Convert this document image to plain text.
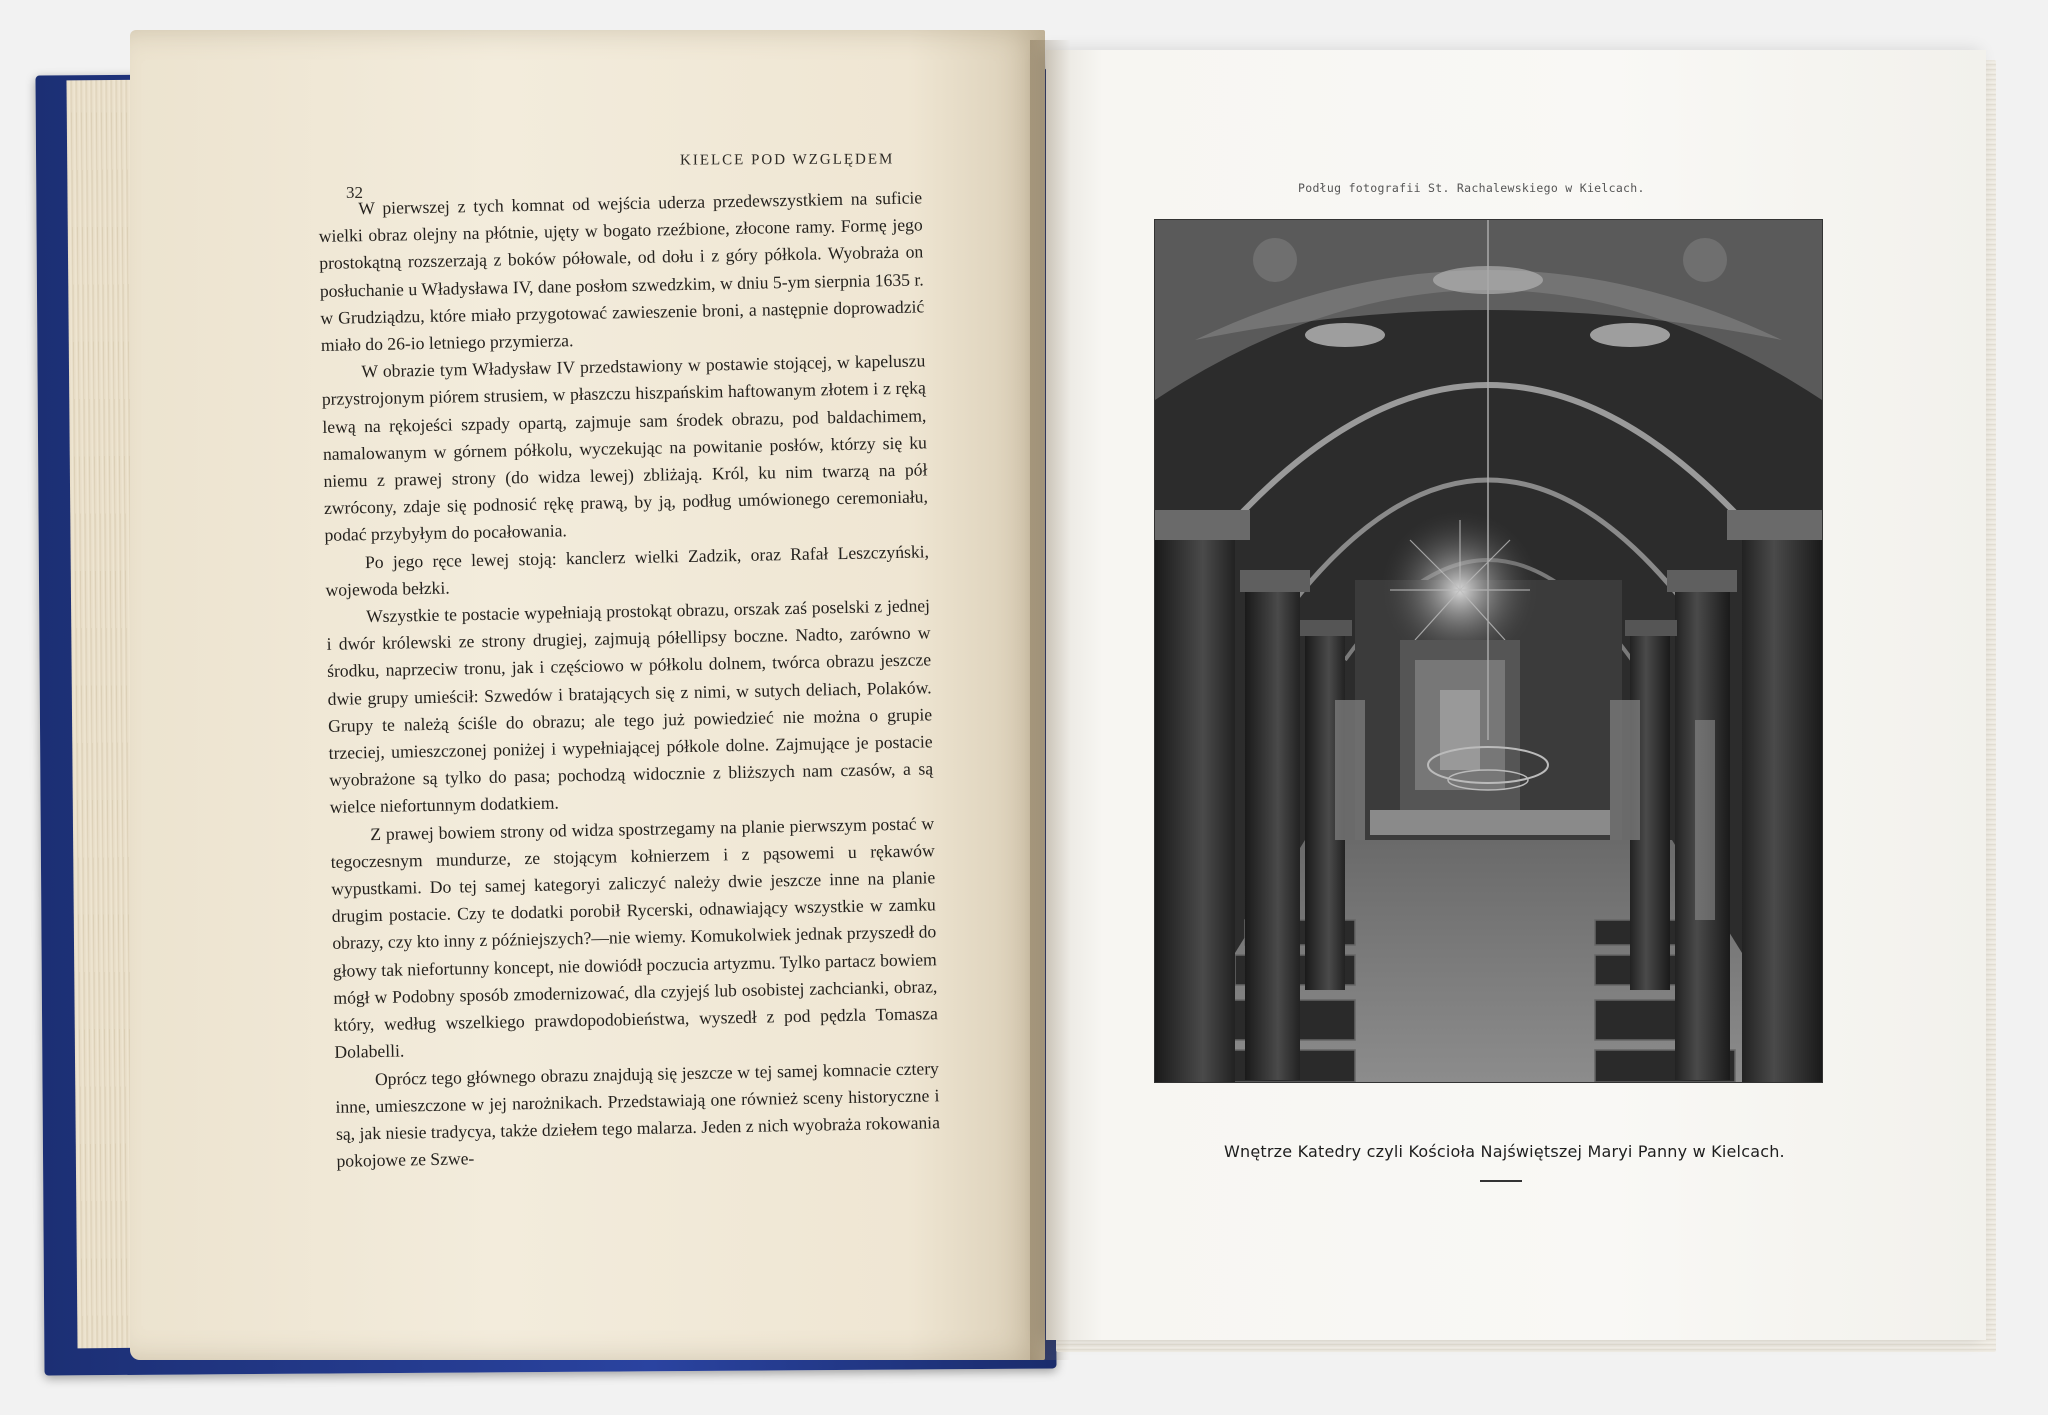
KIELCE POD WZGLĘDEM
32

W pierwszej z tych komnat od wejścia uderza przedewszystkiem na suficie wielki obraz olejny na płótnie, ujęty w bogato rzeźbione, złocone ramy. Formę jego prostokątną rozszerzają z boków półowale, od dołu i z góry półkola. Wyobraża on posłuchanie u Władysława IV, dane posłom szwedzkim, w dniu 5-ym sierpnia 1635 r. w Grudziądzu, które miało przygotować zawieszenie broni, a następnie doprowadzić miało do 26-io letniego przymierza.

W obrazie tym Władysław IV przedstawiony w postawie stojącej, w kapeluszu przystrojonym piórem strusiem, w płaszczu hiszpańskim haftowanym złotem i z ręką lewą na rękojeści szpady opartą, zajmuje sam środek obrazu, pod baldachimem, namalowanym w górnem półkolu, wyczekując na powitanie posłów, którzy się ku niemu z prawej strony (do widza lewej) zbliżają. Król, ku nim twarzą na pół zwrócony, zdaje się podnosić rękę prawą, by ją, podług umówionego ceremoniału, podać przybyłym do pocałowania.

Po jego ręce lewej stoją: kanclerz wielki Zadzik, oraz Rafał Leszczyński, wojewoda bełzki.

Wszystkie te postacie wypełniają prostokąt obrazu, orszak zaś poselski z jednej i dwór królewski ze strony drugiej, zajmują półellipsy boczne. Nadto, zarówno w środku, naprzeciw tronu, jak i częściowo w półkolu dolnem, twórca obrazu jeszcze dwie grupy umieścił: Szwedów i bratających się z nimi, w sutych deliach, Polaków. Grupy te należą ściśle do obrazu; ale tego już powiedzieć nie można o grupie trzeciej, umieszczonej poniżej i wypełniającej półkole dolne. Zajmujące je postacie wyobrażone są tylko do pasa; pochodzą widocznie z bliższych nam czasów, a są wielce niefortunnym dodatkiem.

Z prawej bowiem strony od widza spostrzegamy na planie pierwszym postać w tegoczesnym mundurze, ze stojącym kołnierzem i z pąsowemi u rękawów wypustkami. Do tej samej kategoryi zaliczyć należy dwie jeszcze inne na planie drugim postacie. Czy te dodatki porobił Rycerski, odnawiający wszystkie w zamku obrazy, czy kto inny z późniejszych?—nie wiemy. Komukolwiek jednak przyszedł do głowy tak niefortunny koncept, nie dowiódł poczucia artyzmu. Tylko partacz bowiem mógł w Podobny sposób zmodernizować, dla czyjejś lub osobistej zachcianki, obraz, który, według wszelkiego prawdopodobieństwa, wyszedł z pod pędzla Tomasza Dolabelli.

Oprócz tego głównego obrazu znajdują się jeszcze w tej samej komnacie cztery inne, umieszczone w jej narożnikach. Przedstawiają one również sceny historyczne i są, jak niesie tradycya, także dziełem tego malarza. Jeden z nich wyobraża rokowania pokojowe ze Szwe-

Podług fotografii St. Rachalewskiego w Kielcach.
Wnętrze Katedry czyli Kościoła Najświętszej Maryi Panny w Kielcach.
